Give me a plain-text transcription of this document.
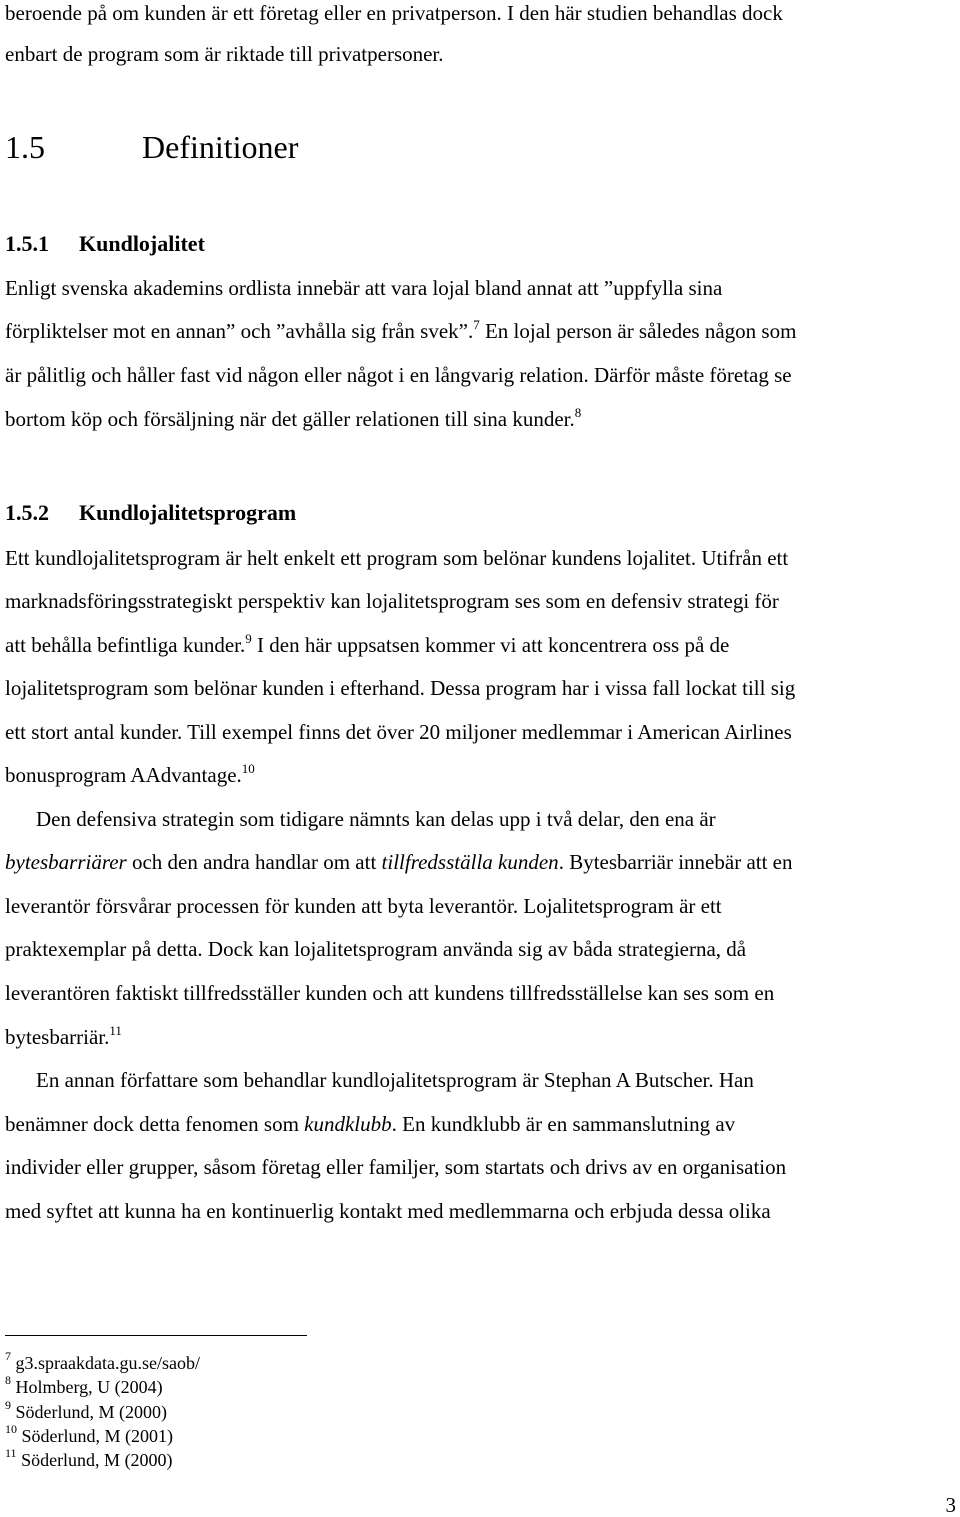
beroende på om kunden är ett företag eller en privatperson. I den här studien behandlas dock
enbart de program som är riktade till privatpersoner.
1.5	Definitioner
1.5.1 Kundlojalitet
Enligt svenska akademins ordlista innebär att vara lojal bland annat att ”uppfylla sina
förpliktelser mot en annan” och ”avhålla sig från svek”.$^7$ En lojal person är således någon som
är pålitlig och håller fast vid någon eller något i en långvarig relation. Därför måste företag se
bortom köp och försäljning när det gäller relationen till sina kunder.$^8$
1.5.2 Kundlojalitetsprogram
Ett kundlojalitetsprogram är helt enkelt ett program som belönar kundens lojalitet. Utifrån ett
marknadsföringsstrategiskt perspektiv kan lojalitetsprogram ses som en defensiv strategi för
att behålla befintliga kunder.$^9$ I den här uppsatsen kommer vi att koncentrera oss på de
lojalitetsprogram som belönar kunden i efterhand. Dessa program har i vissa fall lockat till sig
ett stort antal kunder. Till exempel finns det över 20 miljoner medlemmar i American Airlines
bonusprogram AAdvantage.$^{10}$
Den defensiva strategin som tidigare nämnts kan delas upp i två delar, den ena är
bytesbarriärer och den andra handlar om att tillfredsställa kunden. Bytesbarriär innebär att en
leverantör försvårar processen för kunden att byta leverantör. Lojalitetsprogram är ett
praktexemplar på detta. Dock kan lojalitetsprogram använda sig av båda strategierna, då
leverantören faktiskt tillfredsställer kunden och att kundens tillfredsställelse kan ses som en
bytesbarriär.$^{11}$
En annan författare som behandlar kundlojalitetsprogram är Stephan A Butscher. Han
benämner dock detta fenomen som kundklubb. En kundklubb är en sammanslutning av
individer eller grupper, såsom företag eller familjer, som startats och drivs av en organisation
med syftet att kunna ha en kontinuerlig kontakt med medlemmarna och erbjuda dessa olika
$^7$ g3.spraakdata.gu.se/saob/
$^8$ Holmberg, U (2004)
$^9$ Söderlund, M (2000)
$^{10}$ Söderlund, M (2001)
$^{11}$ Söderlund, M (2000)
3
